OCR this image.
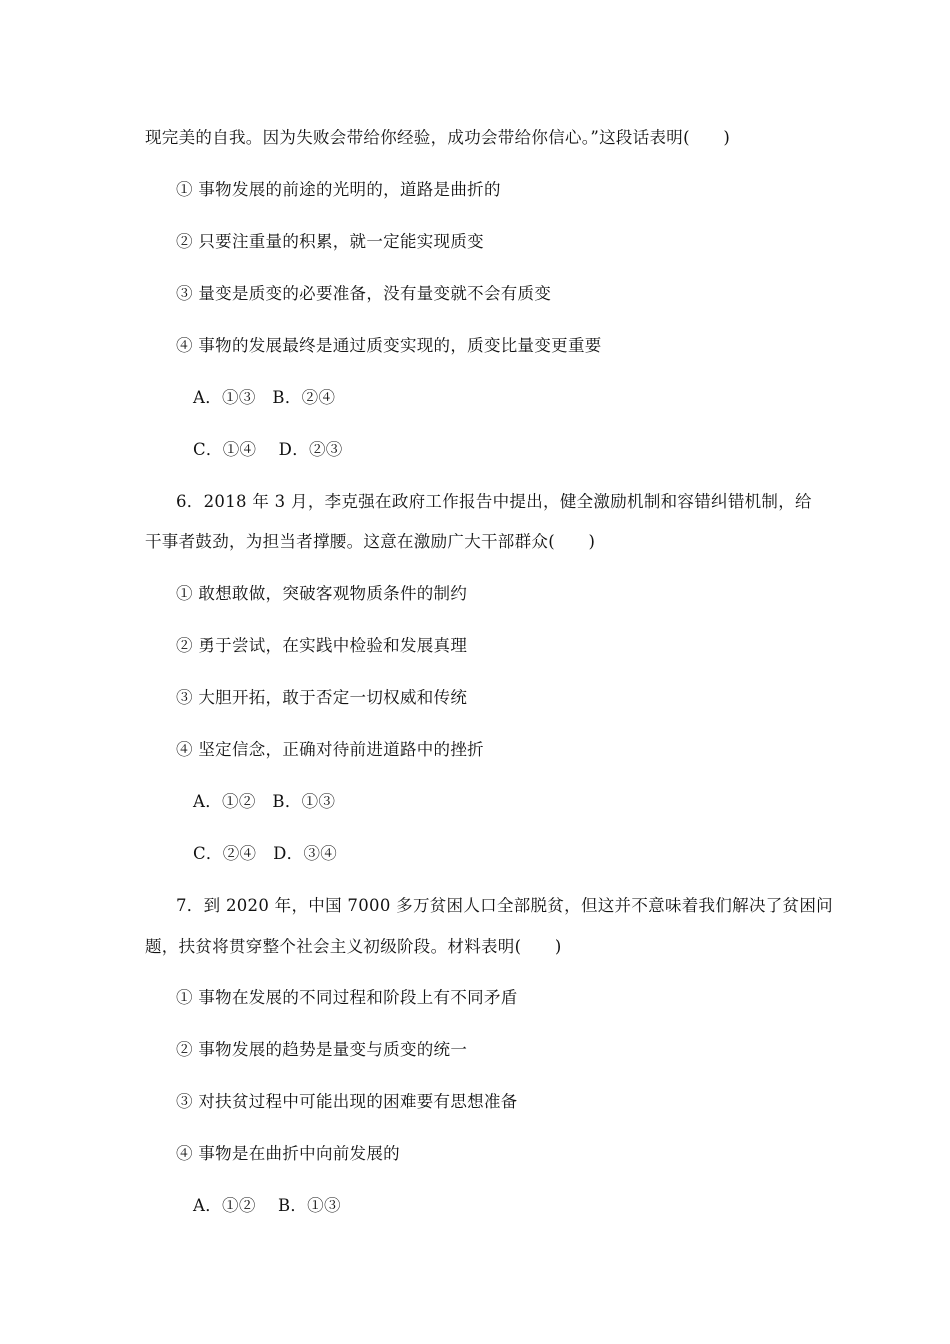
现完美的自我。因为失败会带给你经验，成功会带给你信心。”这段话表明(　　)
① 事物发展的前途的光明的，道路是曲折的
② 只要注重量的积累，就一定能实现质变
③ 量变是质变的必要准备，没有量变就不会有质变
④ 事物的发展最终是通过质变实现的，质变比量变更重要
A．①③　B．②④
C．①④　 D．②③
6．2018 年 3 月，李克强在政府工作报告中提出，健全激励机制和容错纠错机制，给
干事者鼓劲，为担当者撑腰。这意在激励广大干部群众(　　)
① 敢想敢做，突破客观物质条件的制约
② 勇于尝试，在实践中检验和发展真理
③ 大胆开拓，敢于否定一切权威和传统
④ 坚定信念，正确对待前进道路中的挫折
A．①②　B．①③
C．②④　D．③④
7．到 2020 年，中国 7000 多万贫困人口全部脱贫，但这并不意味着我们解决了贫困问
题，扶贫将贯穿整个社会主义初级阶段。材料表明(　　)
① 事物在发展的不同过程和阶段上有不同矛盾
② 事物发展的趋势是量变与质变的统一
③ 对扶贫过程中可能出现的困难要有思想准备
④ 事物是在曲折中向前发展的
A．①②　 B．①③
